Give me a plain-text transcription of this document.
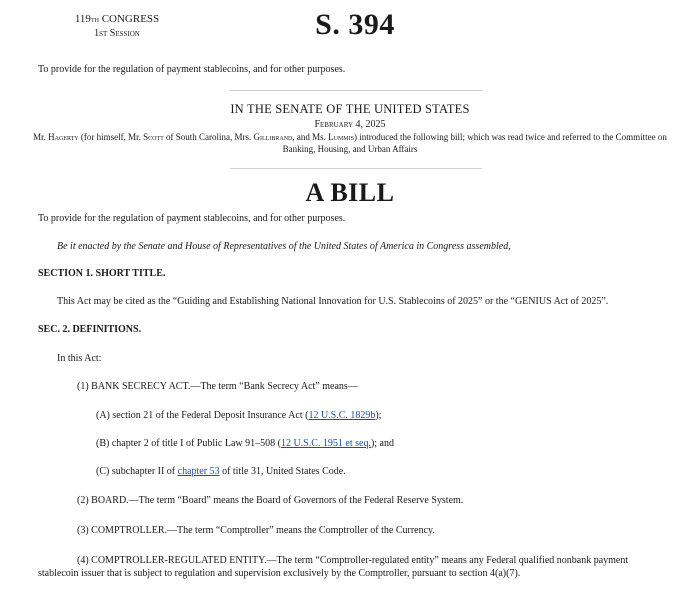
119th CONGRESS
1st Session	S. 394
To provide for the regulation of payment stablecoins, and for other purposes.
IN THE SENATE OF THE UNITED STATES
February 4, 2025
Mr. Hagerty (for himself, Mr. Scott of South Carolina, Mrs. Gillibrand, and Ms. Lummis) introduced the following bill; which was read twice and referred to the Committee on Banking, Housing, and Urban Affairs
A BILL
To provide for the regulation of payment stablecoins, and for other purposes.
Be it enacted by the Senate and House of Representatives of the United States of America in Congress assembled,
SECTION 1. SHORT TITLE.
This Act may be cited as the “Guiding and Establishing National Innovation for U.S. Stablecoins of 2025” or the “GENIUS Act of 2025”.
SEC. 2. DEFINITIONS.
In this Act:
(1) BANK SECRECY ACT.—The term “Bank Secrecy Act” means—
(A) section 21 of the Federal Deposit Insurance Act (12 U.S.C. 1829b);
(B) chapter 2 of title I of Public Law 91–508 (12 U.S.C. 1951 et seq.); and
(C) subchapter II of chapter 53 of title 31, United States Code.
(2) BOARD.—The term “Board” means the Board of Governors of the Federal Reserve System.
(3) COMPTROLLER.—The term “Comptroller” means the Comptroller of the Currency.
(4) COMPTROLLER-REGULATED ENTITY.—The term “Comptroller-regulated entity” means any Federal qualified nonbank payment stablecoin issuer that is subject to regulation and supervision exclusively by the Comptroller, pursuant to section 4(a)(7).
